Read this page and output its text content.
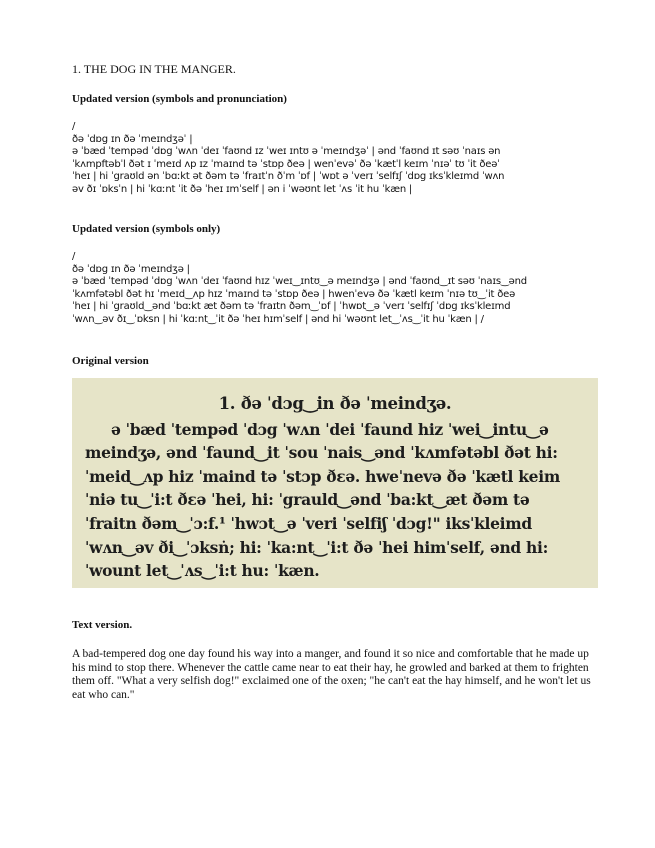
1. THE DOG IN THE MANGER.
Updated version (symbols and pronunciation)
/
ðə ˈdɒg ɪn ðə ˈmeɪndʒəˈ |
ə ˈbæd ˈtempəd ˈdɒg ˈwʌn ˈdeɪ ˈfaʊnd ɪz ˈweɪ ɪntʊ ə ˈmeɪndʒəˈ | ənd ˈfaʊnd ɪt səʊ ˈnaɪs ən
ˈkʌmpftəbˈl ðət ɪ ˈmeɪd ʌp ɪz ˈmaɪnd tə ˈstɒp ðeə | wenˈevəˈ ðə ˈkætˈl keɪm ˈnɪəˈ tʊ ˈit ðeəˈ
ˈheɪ | hi ˈgraʊld ən ˈbɑːkt ət ðəm tə ˈfraɪtˈn ðˈm ˈɒf | ˈwɒt ə ˈverɪ ˈselfɪʃ ˈdɒg ɪksˈkleɪmd ˈwʌn
əv ðɪ ˈɒksˈn | hi ˈkɑːnt ˈit ðə ˈheɪ ɪmˈself | ən i ˈwəʊnt let ˈʌs ˈit hu ˈkæn |
Updated version (symbols only)
/
ðə ˈdɒg ɪn ðə ˈmeɪndʒə |
ə ˈbæd ˈtempəd ˈdɒg ˈwʌn ˈdeɪ ˈfaʊnd hɪz ˈweɪ‿ɪntʊ‿ə meɪndʒə | ənd ˈfaʊnd‿ɪt səʊ ˈnaɪs‿ənd
ˈkʌmfətəbl ðət hɪ ˈmeɪd‿ʌp hɪz ˈmaɪnd tə ˈstɒp ðeə | hwenˈevə ðə ˈkætl keɪm ˈnɪə tʊ‿ˈit ðeə
ˈheɪ | hi ˈgraʊld‿ənd ˈbɑːkt æt ðəm tə ˈfraɪtn ðəm‿ˈɒf | ˈhwɒt‿ə ˈverɪ ˈselfɪʃ ˈdɒg ɪksˈkleɪmd
ˈwʌn‿əv ðɪ‿ˈɒksn | hi ˈkɑːnt‿ˈit ðə ˈheɪ hɪmˈself | ənd hi ˈwəʊnt let‿ˈʌs‿ˈit hu ˈkæn | /
Original version
1. ðə ˈdɔg‿in ðə ˈmeindʒə.
ə ˈbæd ˈtempəd ˈdɔg ˈwʌn ˈdei ˈfaund hiz ˈwei‿intu‿ə
meindʒə, ənd ˈfaund‿it ˈsou ˈnais‿ənd ˈkʌmfətəbl ðət hi:
ˈmeid‿ʌp hiz ˈmaind tə ˈstɔp ðɛə. hweˈnevə ðə ˈkætl keim
ˈniə tu‿ˈi:t ðɛə ˈhei, hi: ˈgrauld‿ənd ˈba:kt‿æt ðəm tə
ˈfraitn ðəm‿ˈɔ:f.¹ ˈhwɔt‿ə ˈveri ˈselfiʃ ˈdɔg!" iksˈkleimd
ˈwʌn‿əv ði‿ˈɔksṅ; hi: ˈka:nt‿ˈi:t ðə ˈhei himˈself, ənd hi:
ˈwount let‿ˈʌs‿ˈi:t hu: ˈkæn.
Text version.
A bad-tempered dog one day found his way into a manger, and found it so nice and comfortable that he made up his mind to stop there. Whenever the cattle came near to eat their hay, he growled and barked at them to frighten them off. "What a very selfish dog!" exclaimed one of the oxen; "he can't eat the hay himself, and he won't let us eat who can."
